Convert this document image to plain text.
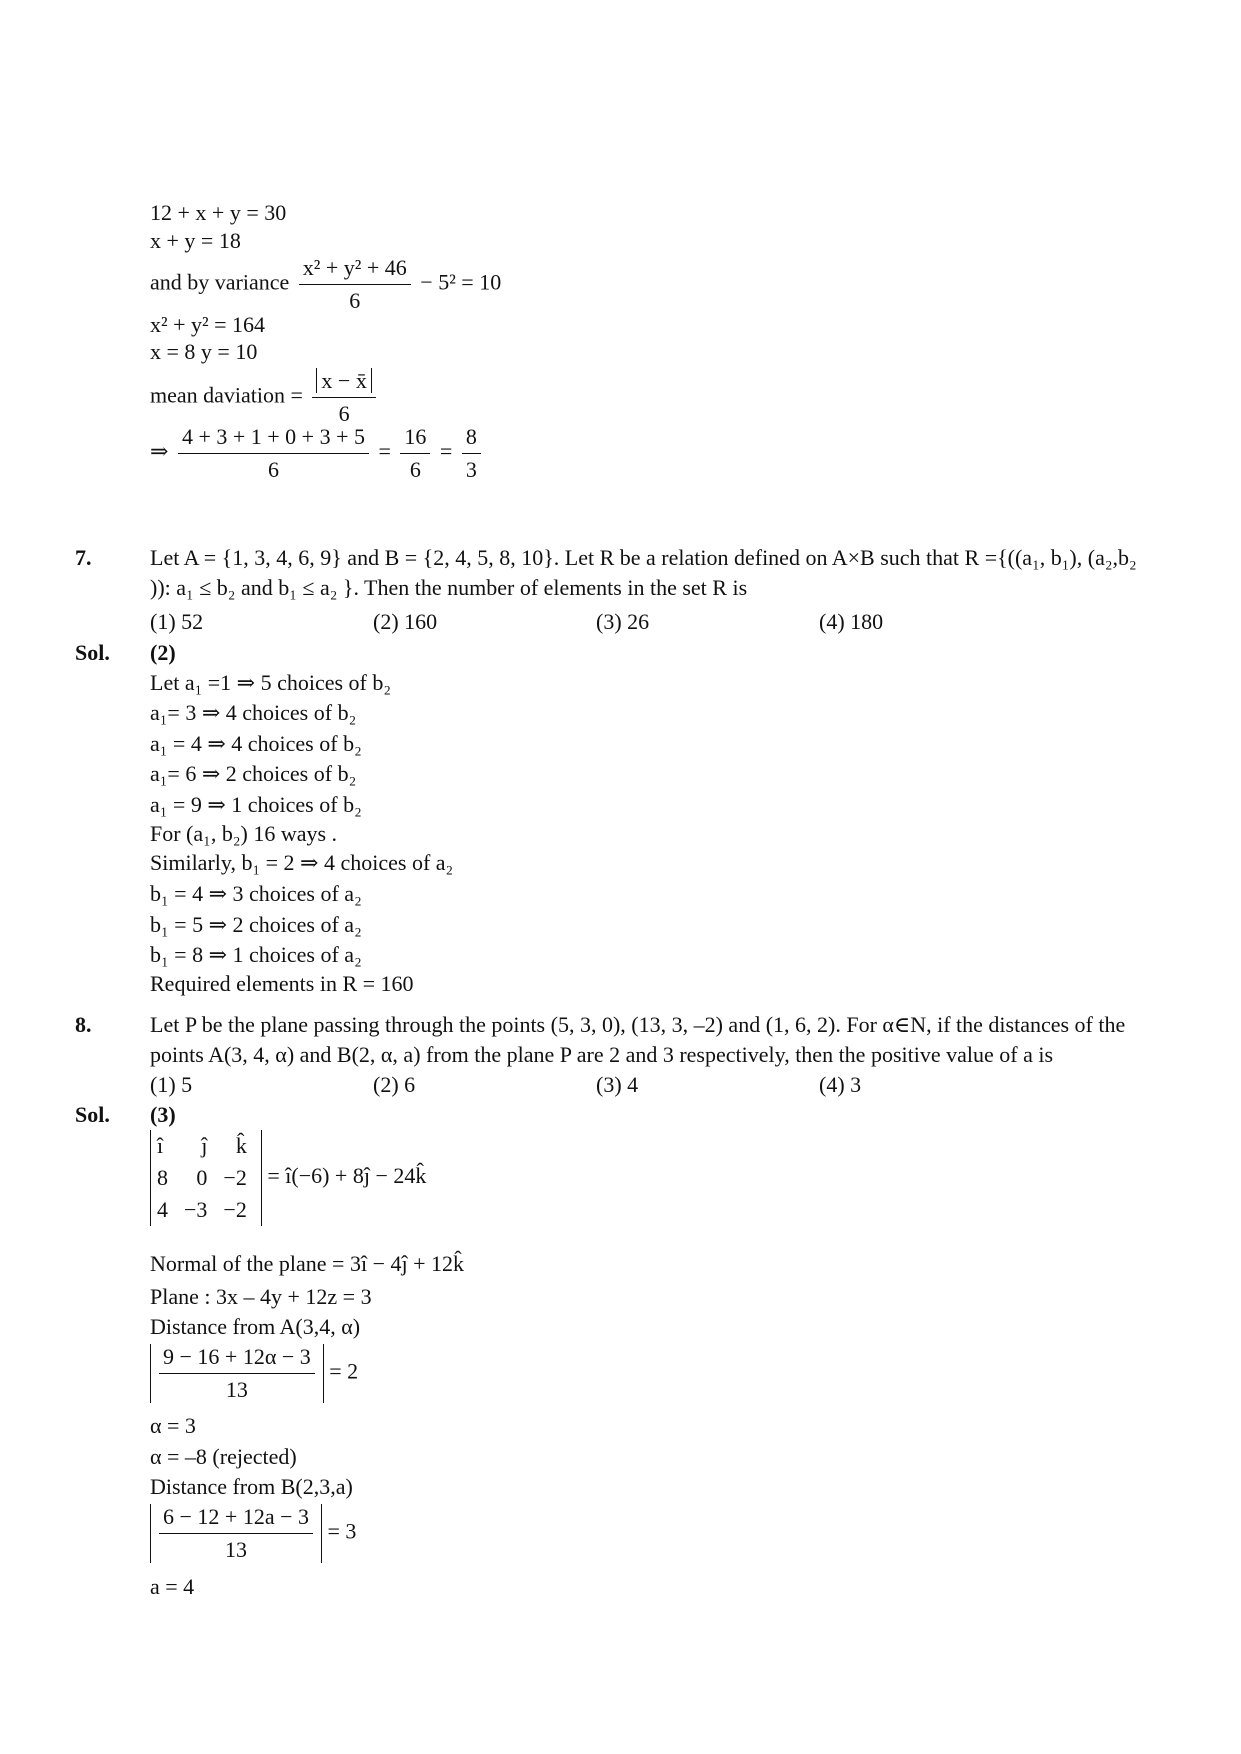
12 + x + y = 30
x + y = 18
and by variance $\frac{\text{x² + y² + 46}}{6} - 5^2 = 10$
x² + y² = 164
x = 8 y = 10
mean daviation = $\frac{x - x̄}{6}$
⇒ $\frac{4 + 3 + 1 + 0 + 3 + 5}{6} = \frac{16}{6} = \frac{8}{3}$
7.	Let A = {1, 3, 4, 6, 9} and B = {2, 4, 5, 8, 10}. Let R be a relation defined on A×B such that R ={((a₁, b₁), (a₂,b₂
)): a₁ ≤ b₂ and b₁ ≤ a₂ }. Then the number of elements in the set R is
(1) 52	(2) 160	(3) 26	(4) 180
Sol. (2)
Let a₁ =1 ⇒ 5 choices of b₂
a₁= 3 ⇒ 4 choices of b₂
a₁ = 4 ⇒ 4 choices of b₂
a₁= 6 ⇒ 2 choices of b₂
a₁ = 9 ⇒ 1 choices of b₂
For (a₁, b₂) 16 ways .
Similarly, b₁ = 2 ⇒ 4 choices of a₂
b₁ = 4 ⇒ 3 choices of a₂
b₁ = 5 ⇒ 2 choices of a₂
b₁ = 8 ⇒ 1 choices of a₂
Required elements in R = 160
8.	Let P be the plane passing through the points (5, 3, 0), (13, 3, –2) and (1, 6, 2). For α∈N, if the distances of the
points A(3, 4, α) and B(2, α, a) from the plane P are 2 and 3 respectively, then the positive value of a is
(1) 5	(2) 6	(3) 4	(4) 3
Sol. (3)
î	ĵ	k̂
8	0	−2
4	−3	−2
= î(−6) + 8ĵ − 24k̂
Normal of the plane = 3î − 4ĵ + 12k̂
Plane : 3x – 4y + 12z = 3
Distance from A(3,4, α)
$\frac{9 - 16 + 12\alpha - 3}{13} = 2$
α = 3
α = –8 (rejected)
Distance from B(2,3,a)
$\frac{6 - 12 + 12a - 3}{13} = 3$
a = 4
